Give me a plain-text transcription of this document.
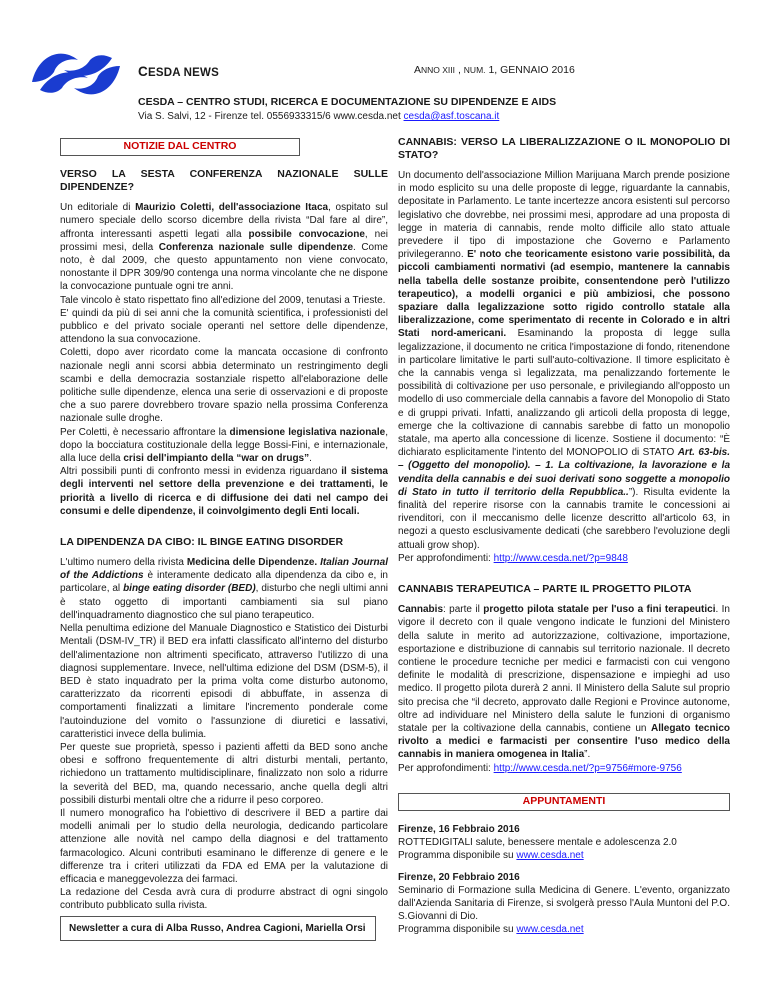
CESDA NEWS	ANNO XIII , NUM. 1, GENNAIO 2016
CESDA – CENTRO STUDI, RICERCA E DOCUMENTAZIONE SU DIPENDENZE E AIDS
Via S. Salvi, 12 - Firenze tel. 0556933315/6 www.cesda.net cesda@asf.toscana.it
NOTIZIE DAL CENTRO
VERSO LA SESTA CONFERENZA NAZIONALE SULLE DIPENDENZE?

Un editoriale di Maurizio Coletti, dell'associazione Itaca, ospitato sul numero speciale dello scorso dicembre della rivista “Dal fare al dire”, affronta interessanti aspetti legati alla possibile convocazione, nei prossimi mesi, della Conferenza nazionale sulle dipendenze. Come noto, è dal 2009, che questo appuntamento non viene convocato, nonostante il DPR 309/90 contenga una norma vincolante che ne dispone la convocazione puntuale ogni tre anni.

Tale vincolo è stato rispettato fino all'edizione del 2009, tenutasi a Trieste.

E' quindi da più di sei anni che la comunità scientifica, i professionisti del pubblico e del privato sociale operanti nel settore delle dipendenze, attendono la sua convocazione.

Coletti, dopo aver ricordato come la mancata occasione di confronto nazionale negli anni scorsi abbia determinato un restringimento degli scambi e della democrazia sostanziale rispetto all'elaborazione delle politiche sulle dipendenze, elenca una serie di osservazioni e di proposte che a suo parere dovrebbero trovare spazio nella prossima Conferenza nazionale sulle droghe.

Per Coletti, è necessario affrontare la dimensione legislativa nazionale, dopo la bocciatura costituzionale della legge Bossi-Fini, e internazionale, alla luce della crisi dell'impianto della “war on drugs”.

Altri possibili punti di confronto messi in evidenza riguardano il sistema degli interventi nel settore della prevenzione e dei trattamenti, le priorità a livello di ricerca e di diffusione dei dati nel campo dei consumi e delle dipendenze, il coinvolgimento degli Enti locali.

LA DIPENDENZA DA CIBO: IL BINGE EATING DISORDER

L'ultimo numero della rivista Medicina delle Dipendenze. Italian Journal of the Addictions è interamente dedicato alla dipendenza da cibo e, in particolare, al binge eating disorder (BED), disturbo che negli ultimi anni è stato oggetto di importanti cambiamenti sia sul piano dell'inquadramento diagnostico che sul piano terapeutico.

Nella penultima edizione del Manuale Diagnostico e Statistico dei Disturbi Mentali (DSM-IV_TR) il BED era infatti classificato all'interno del disturbo dell'alimentazione non altrimenti specificato, attraverso l'utilizzo di una diagnosi supplementare. Invece, nell'ultima edizione del DSM (DSM-5), il BED è stato inquadrato per la prima volta come disturbo autonomo, caratterizzato da ricorrenti episodi di abbuffate, in assenza di comportamenti finalizzati a limitare l'incremento ponderale come l'autoinduzione del vomito o l'assunzione di diuretici e lassativi, caratteristici invece della bulimia.

Per queste sue proprietà, spesso i pazienti affetti da BED sono anche obesi e soffrono frequentemente di altri disturbi mentali, pertanto, richiedono un trattamento multidisciplinare, finalizzato non solo a ridurre la severità del BED, ma, quando necessario, anche quella degli altri possibili disturbi mentali oltre che a ridurre il peso corporeo.

Il numero monografico ha l'obiettivo di descrivere il BED a partire dai modelli animali per lo studio della neurologia, dedicando particolare attenzione alle novità nel campo della diagnosi e del trattamento farmacologico. Alcuni contributi esaminano le differenze di genere e le differenze tra i criteri utilizzati da FDA ed EMA per la valutazione di efficacia e maneggevolezza dei farmaci.

La redazione del Cesda avrà cura di produrre abstract di ogni singolo contributo pubblicato sulla rivista.

Newsletter a cura di Alba Russo, Andrea Cagioni, Mariella Orsi
CANNABIS: VERSO LA LIBERALIZZAZIONE O IL MONOPOLIO DI STATO?

Un documento dell'associazione Million Marijuana March prende posizione in modo esplicito su una delle proposte di legge, riguardante la cannabis, depositate in Parlamento. Le tante incertezze ancora esistenti sul percorso legislativo che dovrebbe, nei prossimi mesi, approdare ad una proposta di legge in materia di cannabis, rende molto difficile allo stato attuale prevedere il tipo di impostazione che Governo e Parlamento privilegeranno. E' noto che teoricamente esistono varie possibilità, da piccoli cambiamenti normativi (ad esempio, mantenere la cannabis nella tabella delle sostanze proibite, consentendone però l'utilizzo terapeutico), a modelli organici e più ambiziosi, che possono spaziare dalla legalizzazione sotto rigido controllo statale alla liberalizzazione, come sperimentato di recente in Colorado e in altri Stati nord-americani. Esaminando la proposta di legge sulla legalizzazione, il documento ne critica l'impostazione di fondo, ritenendone in particolare limitative le parti sull'auto-coltivazione. Il timore esplicitato è che la cannabis venga sì legalizzata, ma penalizzando fortemente le possibilità di coltivazione per uso personale, e privilegiando all'opposto un modello di uso commerciale della cannabis a favore del Monopolio di Stato e di gruppi privati. Infatti, analizzando gli articoli della proposta di legge, emerge che la coltivazione di cannabis sarebbe di fatto un monopolio statale, ma aperto alla concessione di licenze. Sostiene il documento: “È dichiarato esplicitamente l'intento del MONOPOLIO di STATO Art. 63-bis. – (Oggetto del monopolio). – 1. La coltivazione, la lavorazione e la vendita della cannabis e dei suoi derivati sono soggette a monopolio di Stato in tutto il territorio della Repubblica..”). Risulta evidente la finalità del reperire risorse con la cannabis tramite le concessioni ai rivenditori, con il meccanismo delle licenze descritto all'articolo 63, in negozi a questo esclusivamente dedicati (che sarebbero l'evoluzione degli attuali grow shop).

Per approfondimenti: http://www.cesda.net/?p=9848

CANNABIS TERAPEUTICA – PARTE IL PROGETTO PILOTA

Cannabis: parte il progetto pilota statale per l'uso a fini terapeutici. In vigore il decreto con il quale vengono indicate le funzioni del Ministero della salute in merito ad autorizzazione, coltivazione, importazione, esportazione e distribuzione di cannabis sul territorio nazionale. Il decreto contiene le procedure tecniche per medici e farmacisti con cui vengono definite le modalità di prescrizione, dispensazione e impieghi ad uso medico. Il progetto pilota durerà 2 anni. Il Ministero della Salute sul proprio sito precisa che “il decreto, approvato dalle Regioni e Province autonome, oltre ad individuare nel Ministero della salute le funzioni di organismo statale per la coltivazione della cannabis, contiene un Allegato tecnico rivolto a medici e farmacisti per consentire l'uso medico della cannabis in maniera omogenea in Italia”.

Per approfondimenti: http://www.cesda.net/?p=9756#more-9756

APPUNTAMENTI
Firenze, 16 Febbraio 2016

ROTTEDIGITALI salute, benessere mentale e adolescenza 2.0

Programma disponibile su www.cesda.net

Firenze, 20 Febbraio 2016

Seminario di Formazione sulla Medicina di Genere. L'evento, organizzato dall'Azienda Sanitaria di Firenze, si svolgerà presso l'Aula Muntoni del P.O. S.Giovanni di Dio.

Programma disponibile su www.cesda.net
